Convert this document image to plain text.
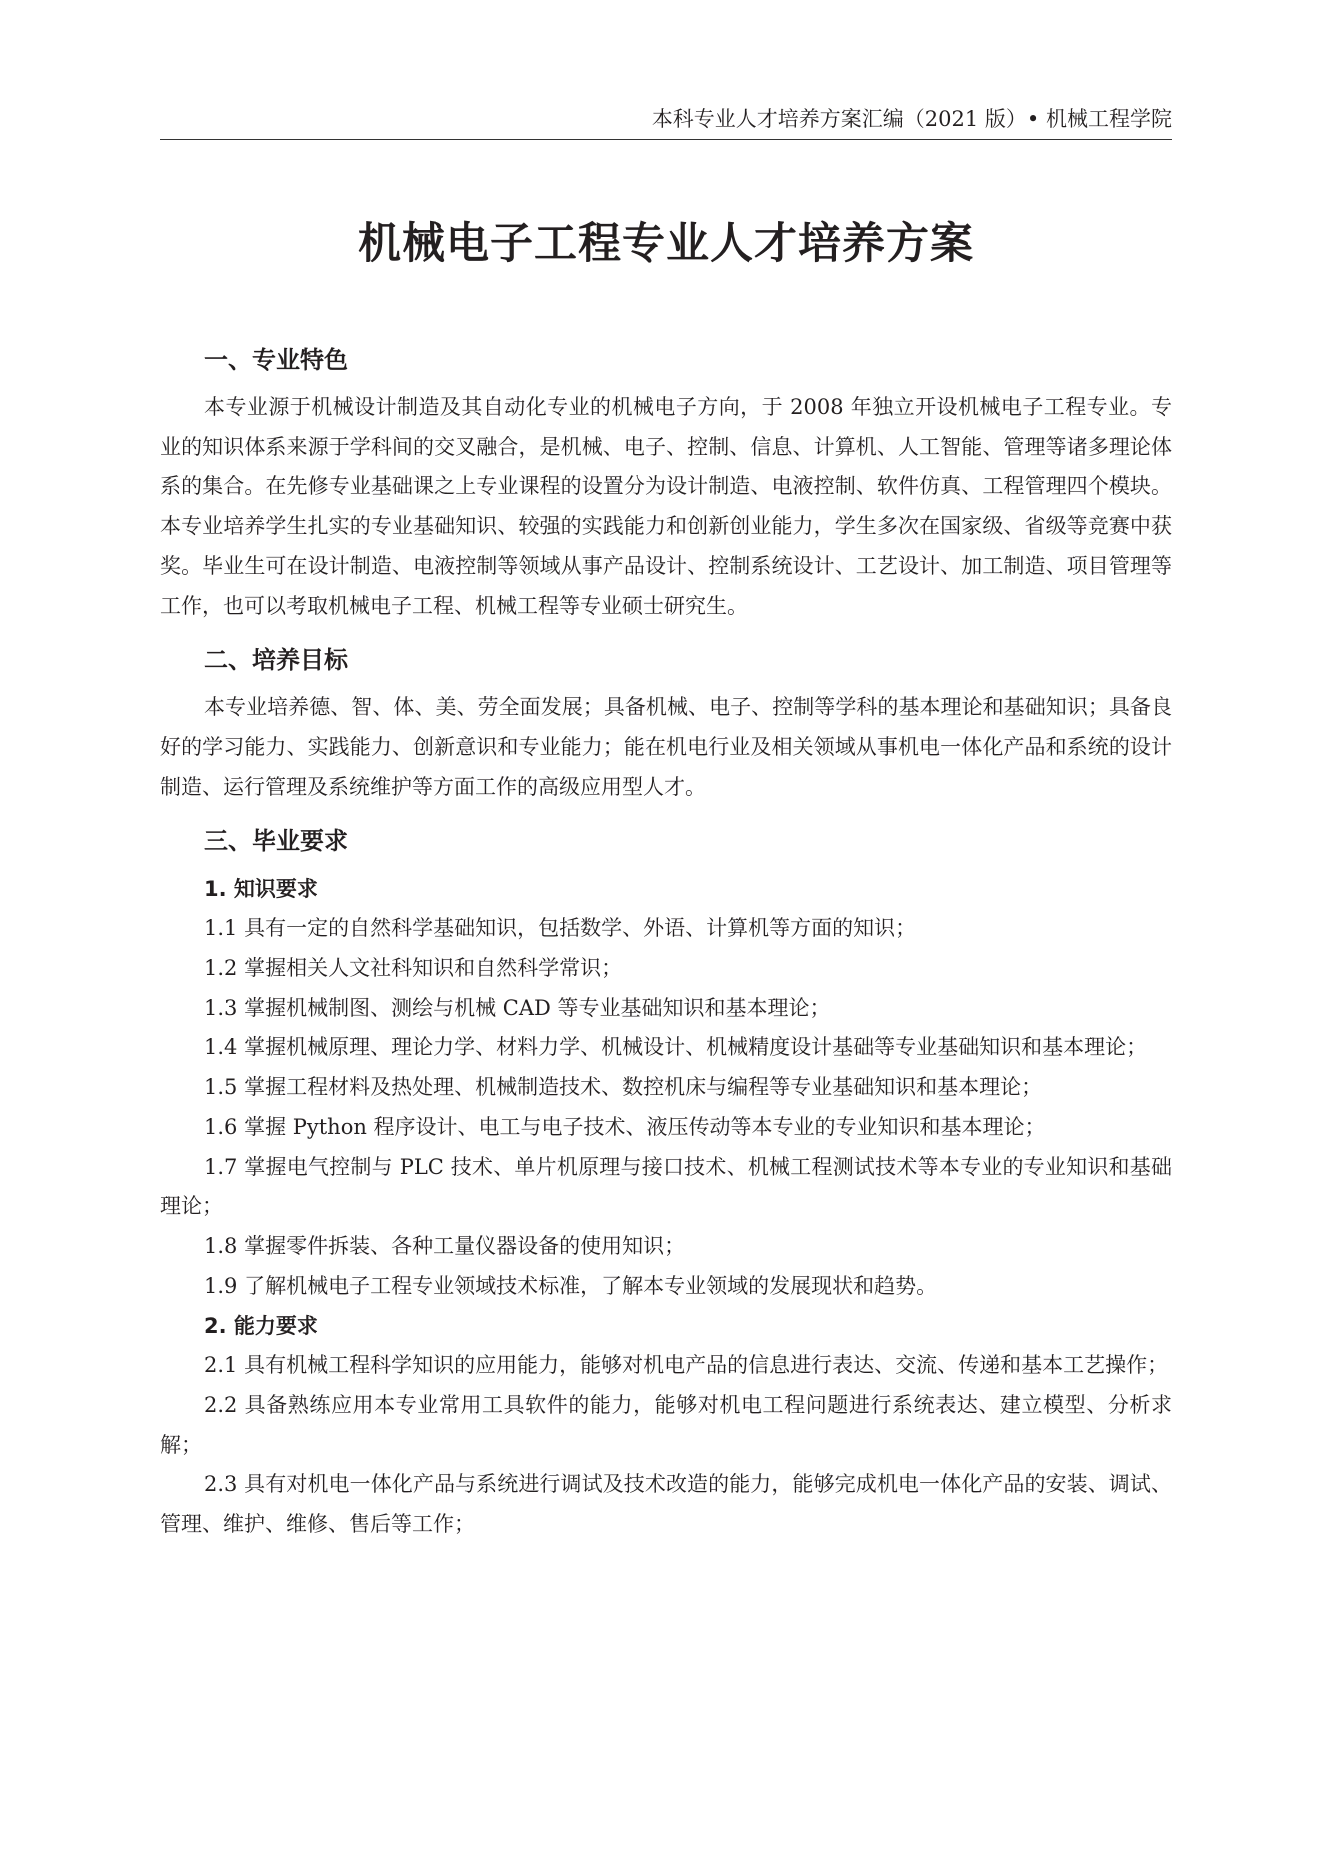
本科专业人才培养方案汇编（2021 版）• 机械工程学院
机械电子工程专业人才培养方案
一、专业特色

本专业源于机械设计制造及其自动化专业的机械电子方向，于 2008 年独立开设机械电子工程专业。专业的知识体系来源于学科间的交叉融合，是机械、电子、控制、信息、计算机、人工智能、管理等诸多理论体系的集合。在先修专业基础课之上专业课程的设置分为设计制造、电液控制、软件仿真、工程管理四个模块。本专业培养学生扎实的专业基础知识、较强的实践能力和创新创业能力，学生多次在国家级、省级等竞赛中获奖。毕业生可在设计制造、电液控制等领域从事产品设计、控制系统设计、工艺设计、加工制造、项目管理等工作，也可以考取机械电子工程、机械工程等专业硕士研究生。

二、培养目标

本专业培养德、智、体、美、劳全面发展；具备机械、电子、控制等学科的基本理论和基础知识；具备良好的学习能力、实践能力、创新意识和专业能力；能在机电行业及相关领域从事机电一体化产品和系统的设计制造、运行管理及系统维护等方面工作的高级应用型人才。

三、毕业要求
1. 知识要求

1.1 具有一定的自然科学基础知识，包括数学、外语、计算机等方面的知识；

1.2 掌握相关人文社科知识和自然科学常识；

1.3 掌握机械制图、测绘与机械 CAD 等专业基础知识和基本理论；

1.4 掌握机械原理、理论力学、材料力学、机械设计、机械精度设计基础等专业基础知识和基本理论；

1.5 掌握工程材料及热处理、机械制造技术、数控机床与编程等专业基础知识和基本理论；

1.6 掌握 Python 程序设计、电工与电子技术、液压传动等本专业的专业知识和基本理论；

1.7 掌握电气控制与 PLC 技术、单片机原理与接口技术、机械工程测试技术等本专业的专业知识和基础理论；

1.8 掌握零件拆装、各种工量仪器设备的使用知识；

1.9 了解机械电子工程专业领域技术标准，了解本专业领域的发展现状和趋势。

2. 能力要求

2.1 具有机械工程科学知识的应用能力，能够对机电产品的信息进行表达、交流、传递和基本工艺操作；

2.2 具备熟练应用本专业常用工具软件的能力，能够对机电工程问题进行系统表达、建立模型、分析求解；

2.3 具有对机电一体化产品与系统进行调试及技术改造的能力，能够完成机电一体化产品的安装、调试、管理、维护、维修、售后等工作；
